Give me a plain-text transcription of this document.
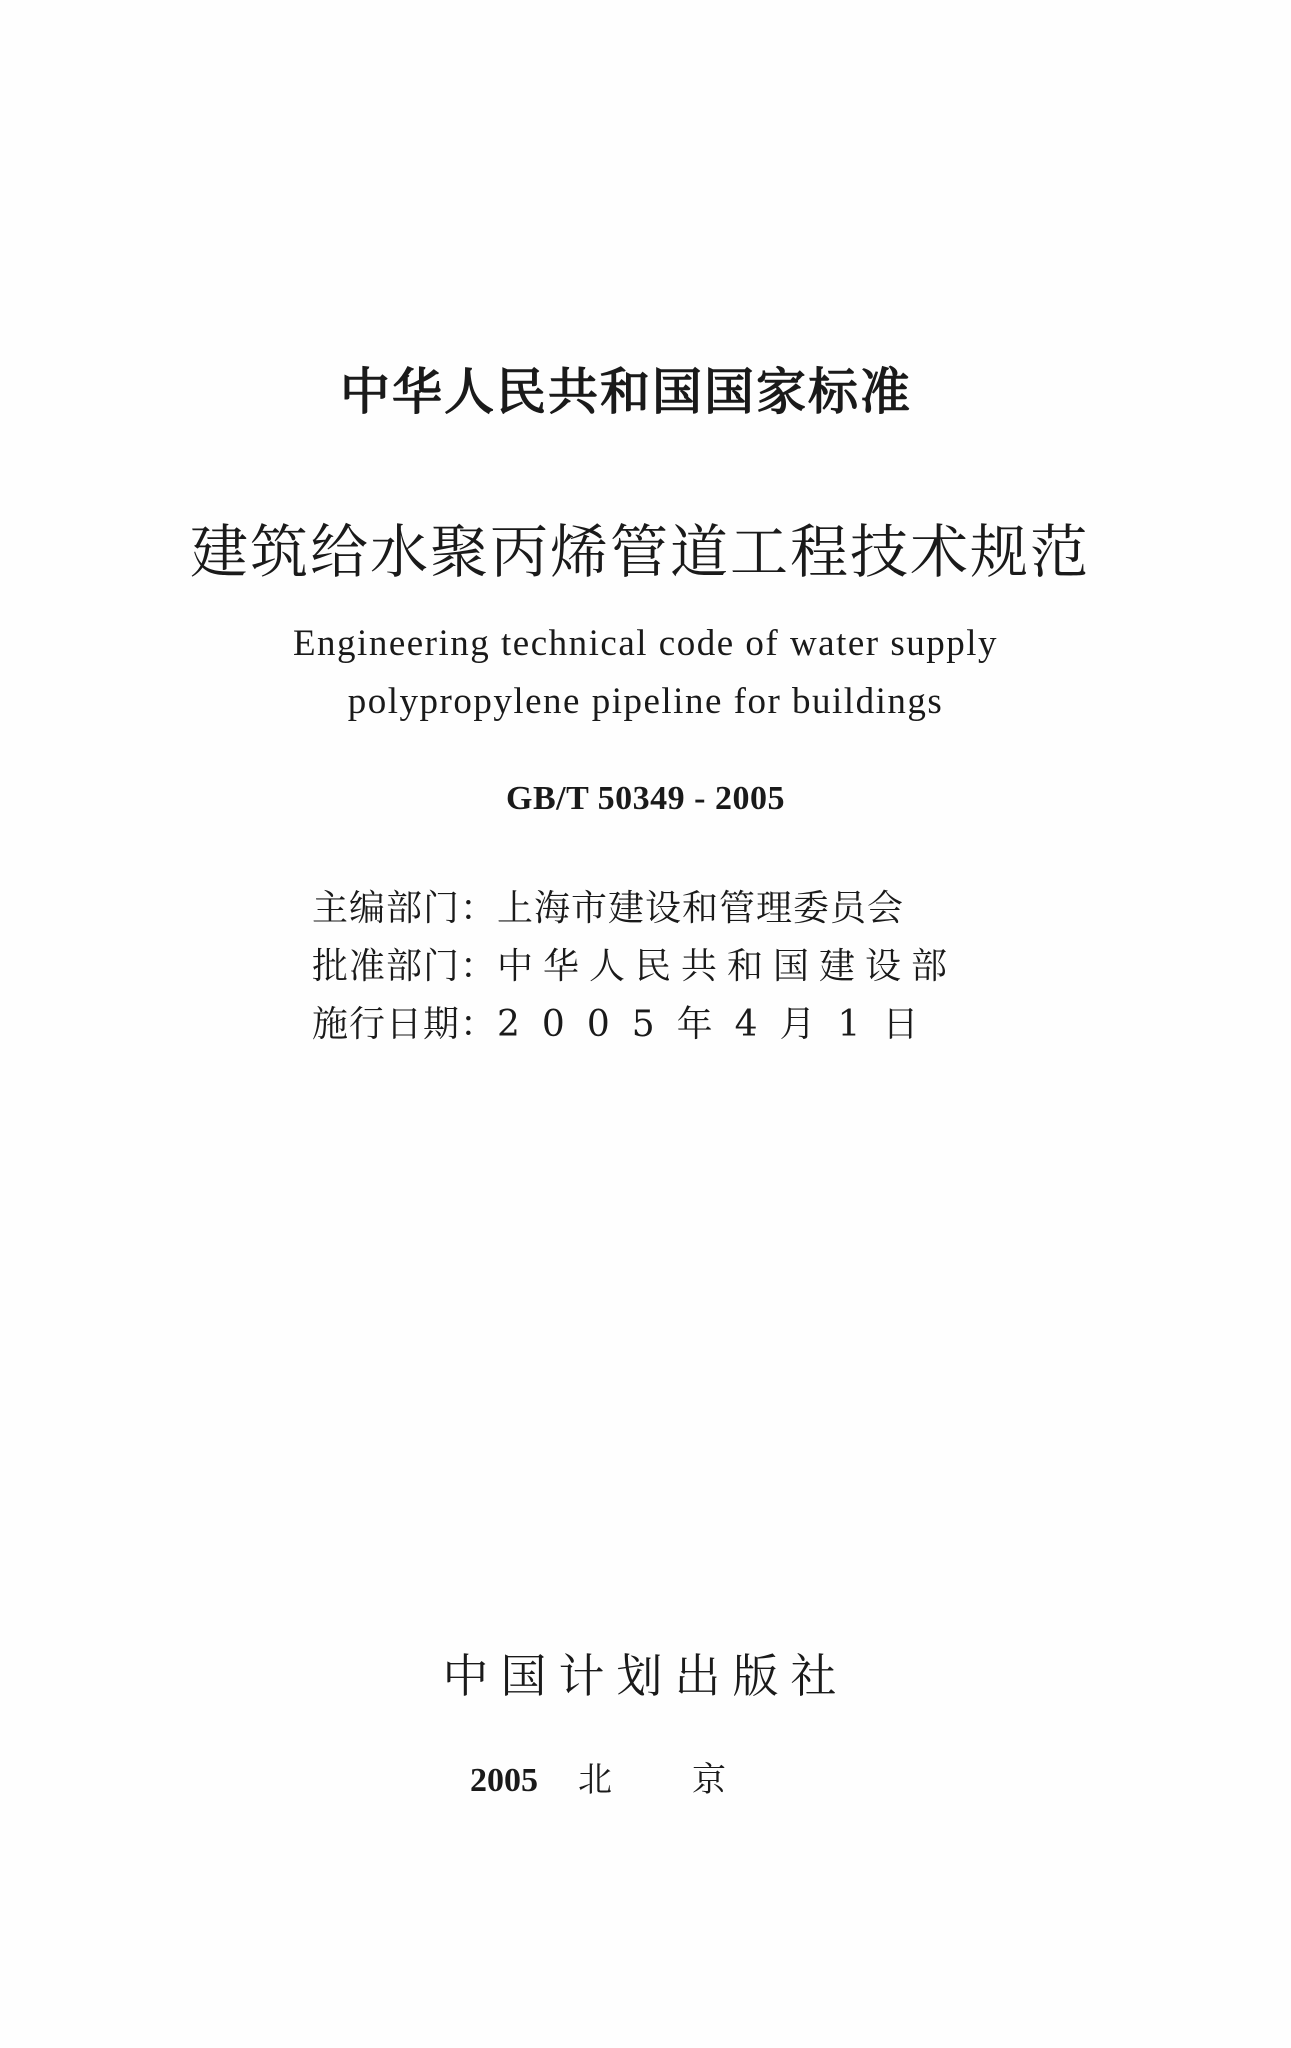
中华人民共和国国家标准
建筑给水聚丙烯管道工程技术规范
Engineering technical code of water supply
polypropylene pipeline for buildings
GB/T 50349 - 2005
主编部门：上海市建设和管理委员会
批准部门：中华人民共和国建设部
施行日期：2005年4月1日
中国计划出版社
2005 北京
